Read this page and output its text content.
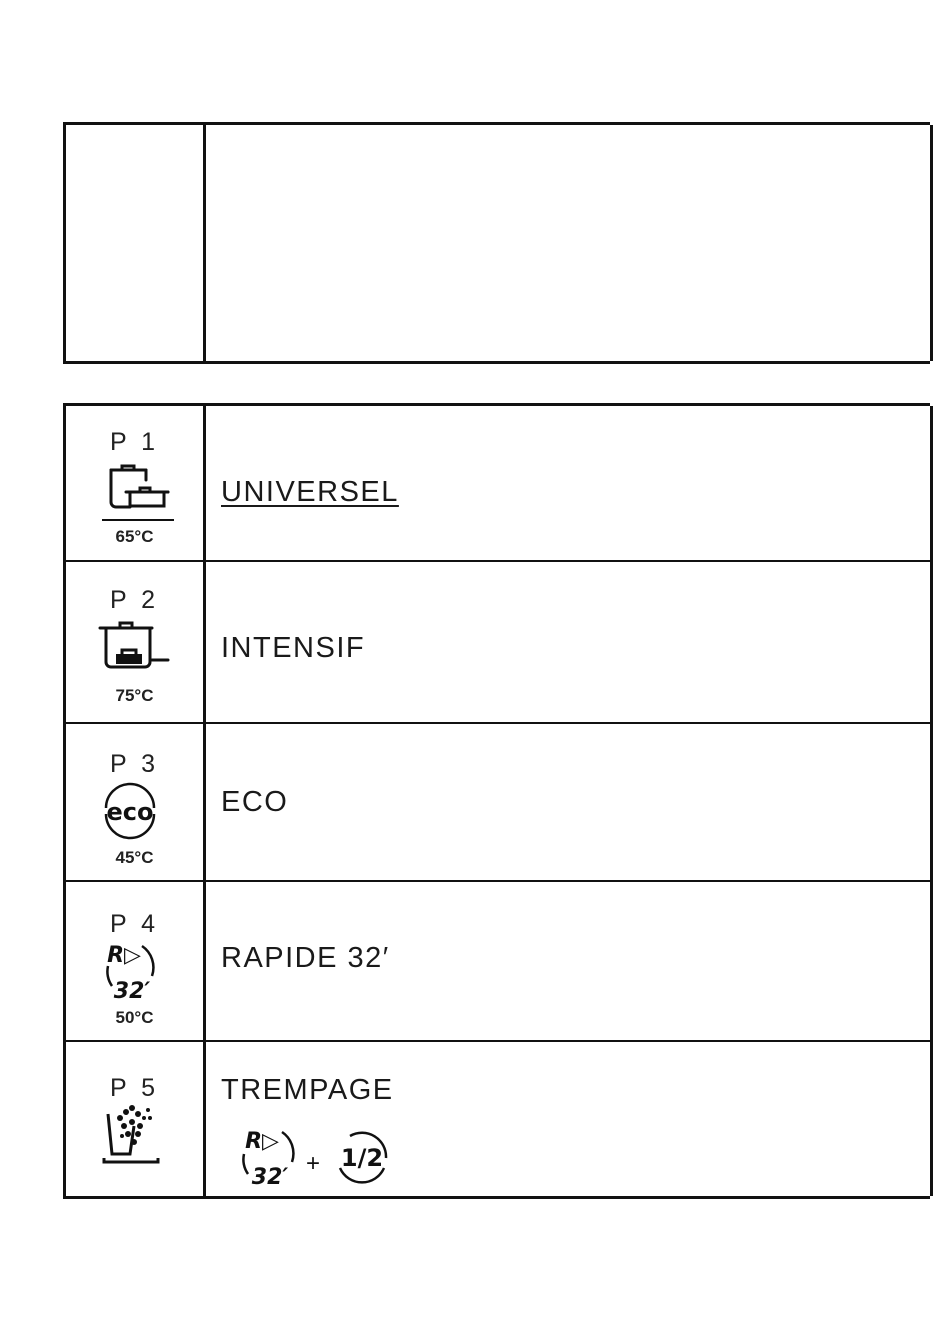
P 1
65°C
UNIVERSEL
P 2
75°C
INTENSIF
P 3
eco
45°C
ECO
P 4
R▷
32′
50°C
RAPIDE 32′
P 5	TREMPAGE
R▷
32′
+ 1/2
